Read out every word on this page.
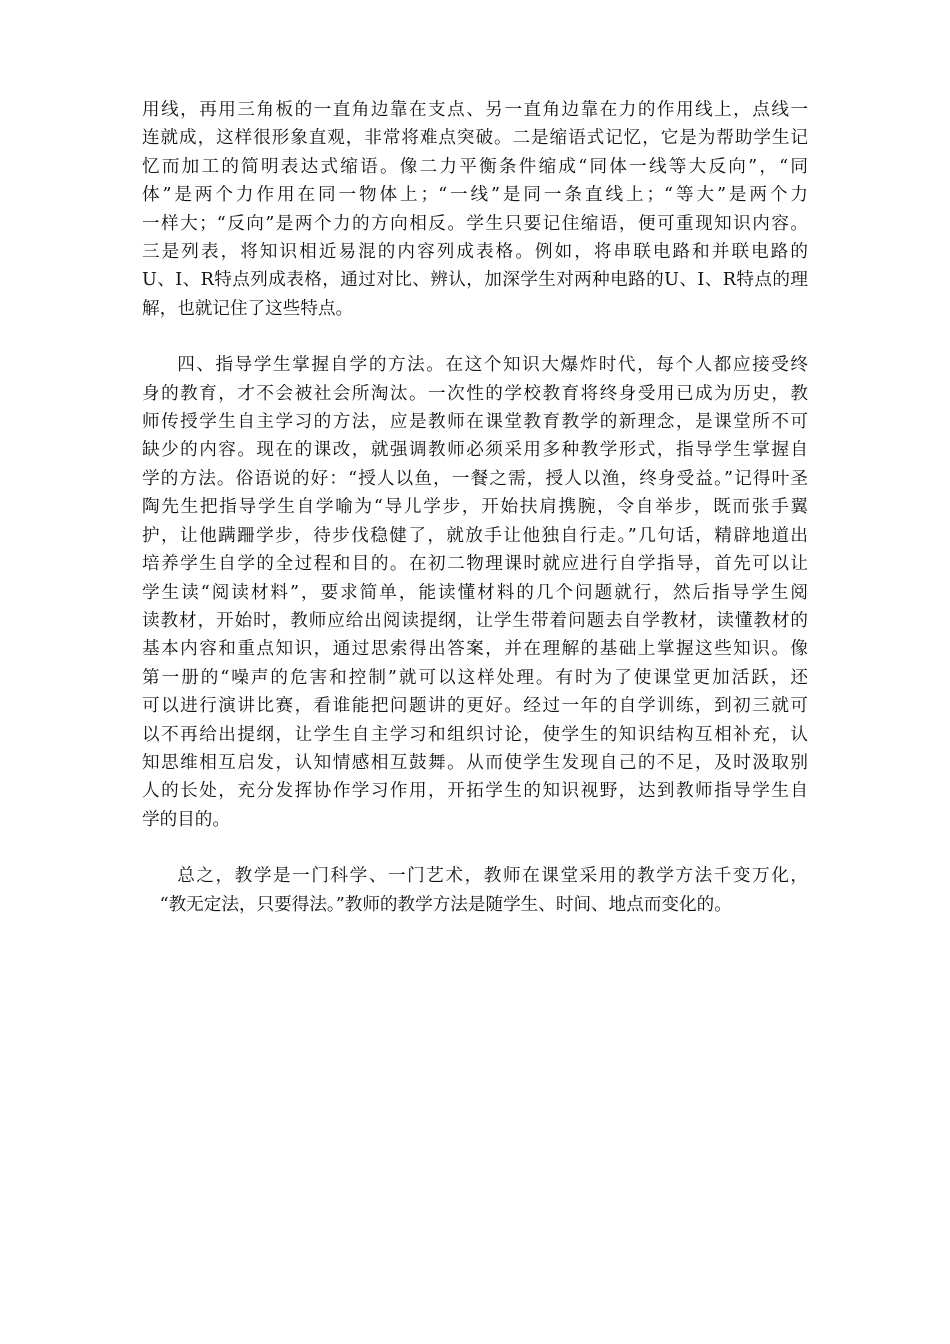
用线，再用三角板的一直角边靠在支点、另一直角边靠在力的作用线上，点线一
连就成，这样很形象直观，非常将难点突破。二是缩语式记忆，它是为帮助学生记
忆而加工的简明表达式缩语。像二力平衡条件缩成“同体一线等大反向”，“同
体”是两个力作用在同一物体上；“一线”是同一条直线上；“等大”是两个力
一样大；“反向”是两个力的方向相反。学生只要记住缩语，便可重现知识内容。
三是列表，将知识相近易混的内容列成表格。例如，将串联电路和并联电路的
U、I、R特点列成表格，通过对比、辨认，加深学生对两种电路的U、I、R特点的理
解，也就记住了这些特点。

四、指导学生掌握自学的方法。在这个知识大爆炸时代，每个人都应接受终
身的教育，才不会被社会所淘汰。一次性的学校教育将终身受用已成为历史，教
师传授学生自主学习的方法，应是教师在课堂教育教学的新理念，是课堂所不可
缺少的内容。现在的课改，就强调教师必须采用多种教学形式，指导学生掌握自
学的方法。俗语说的好：“授人以鱼，一餐之需，授人以渔，终身受益。”记得叶圣
陶先生把指导学生自学喻为“导儿学步，开始扶肩携腕，令自举步，既而张手翼
护，让他蹒跚学步，待步伐稳健了，就放手让他独自行走。”几句话，精辟地道出
培养学生自学的全过程和目的。在初二物理课时就应进行自学指导，首先可以让
学生读“阅读材料”，要求简单，能读懂材料的几个问题就行，然后指导学生阅
读教材，开始时，教师应给出阅读提纲，让学生带着问题去自学教材，读懂教材的
基本内容和重点知识，通过思索得出答案，并在理解的基础上掌握这些知识。像
第一册的“噪声的危害和控制”就可以这样处理。有时为了使课堂更加活跃，还
可以进行演讲比赛，看谁能把问题讲的更好。经过一年的自学训练，到初三就可
以不再给出提纲，让学生自主学习和组织讨论，使学生的知识结构互相补充，认
知思维相互启发，认知情感相互鼓舞。从而使学生发现自己的不足，及时汲取别
人的长处，充分发挥协作学习作用，开拓学生的知识视野，达到教师指导学生自
学的目的。

总之，教学是一门科学、一门艺术，教师在课堂采用的教学方法千变万化，
“教无定法，只要得法。”教师的教学方法是随学生、时间、地点而变化的。
